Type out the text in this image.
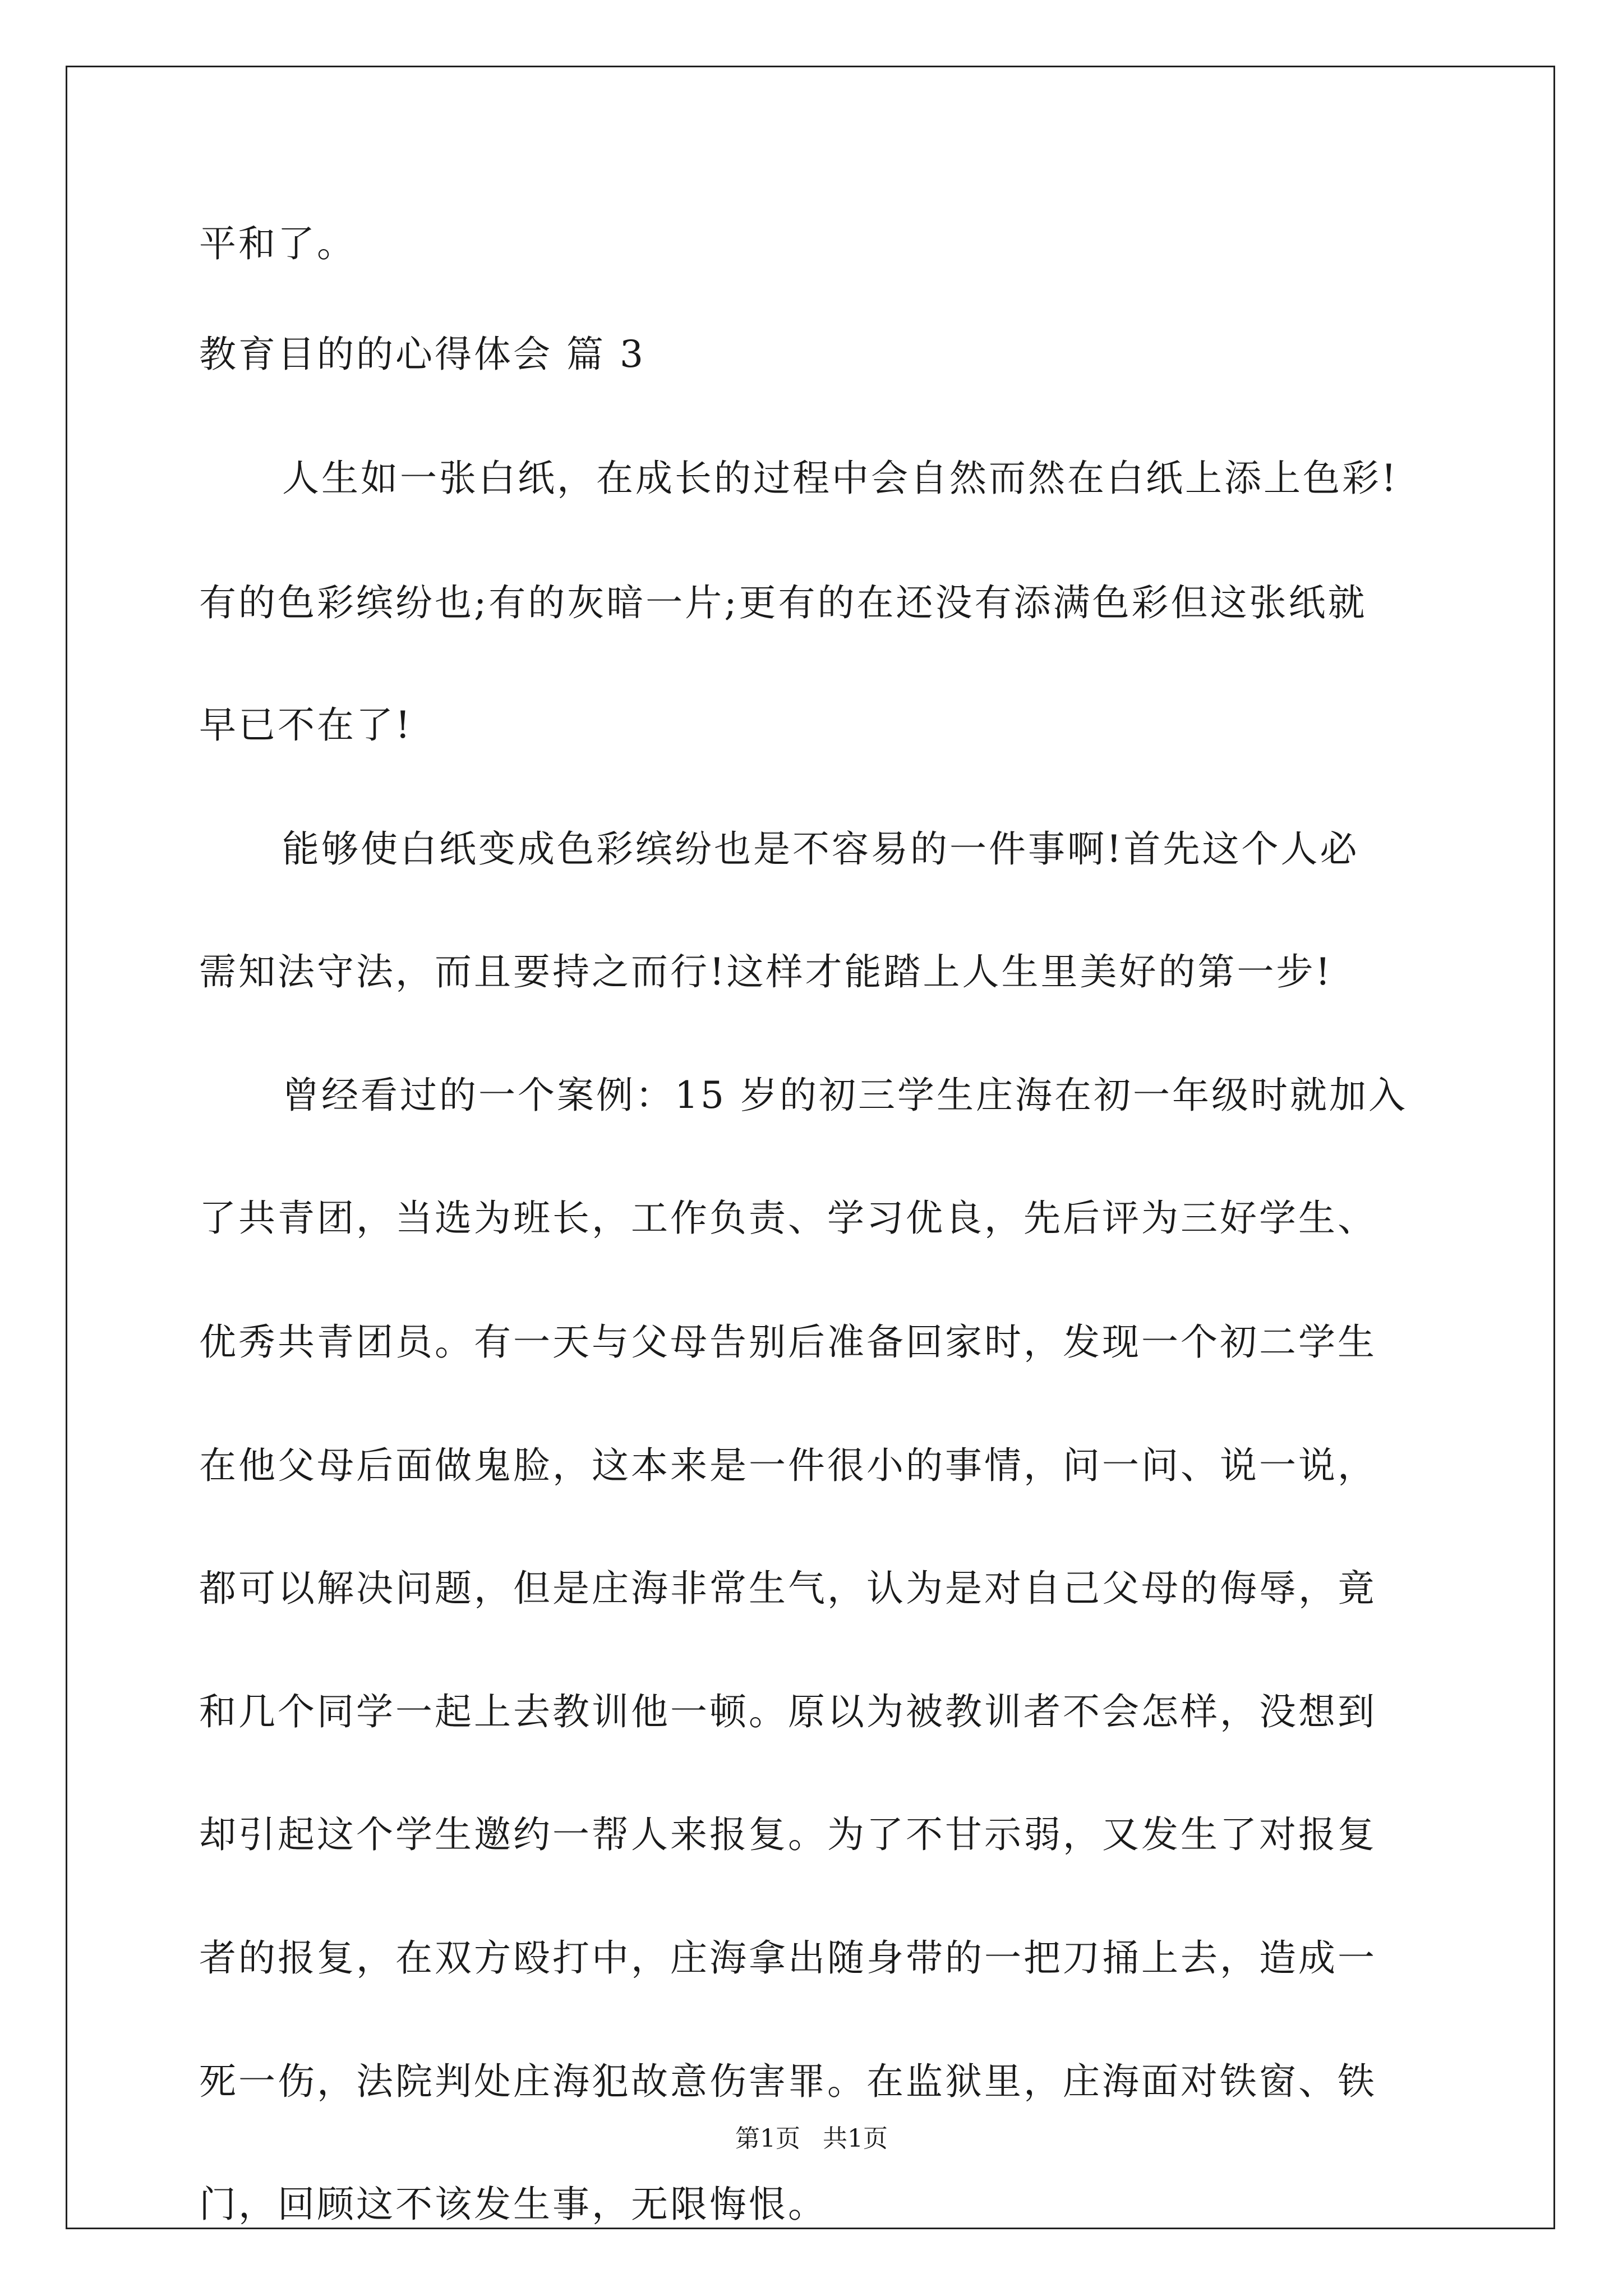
平和了。
教育目的的心得体会 篇 3
人生如一张白纸，在成长的过程中会自然而然在白纸上添上色彩!
有的色彩缤纷也;有的灰暗一片;更有的在还没有添满色彩但这张纸就
早已不在了!
能够使白纸变成色彩缤纷也是不容易的一件事啊!首先这个人必
需知法守法，而且要持之而行!这样才能踏上人生里美好的第一步!
曾经看过的一个案例：15 岁的初三学生庄海在初一年级时就加入
了共青团，当选为班长，工作负责、学习优良，先后评为三好学生、
优秀共青团员。有一天与父母告别后准备回家时，发现一个初二学生
在他父母后面做鬼脸，这本来是一件很小的事情，问一问、说一说，
都可以解决问题，但是庄海非常生气，认为是对自己父母的侮辱，竟
和几个同学一起上去教训他一顿。原以为被教训者不会怎样，没想到
却引起这个学生邀约一帮人来报复。为了不甘示弱，又发生了对报复
者的报复，在双方殴打中，庄海拿出随身带的一把刀捅上去，造成一
死一伤，法院判处庄海犯故意伤害罪。在监狱里，庄海面对铁窗、铁
门，回顾这不该发生事，无限悔恨。
第1页 共1页
